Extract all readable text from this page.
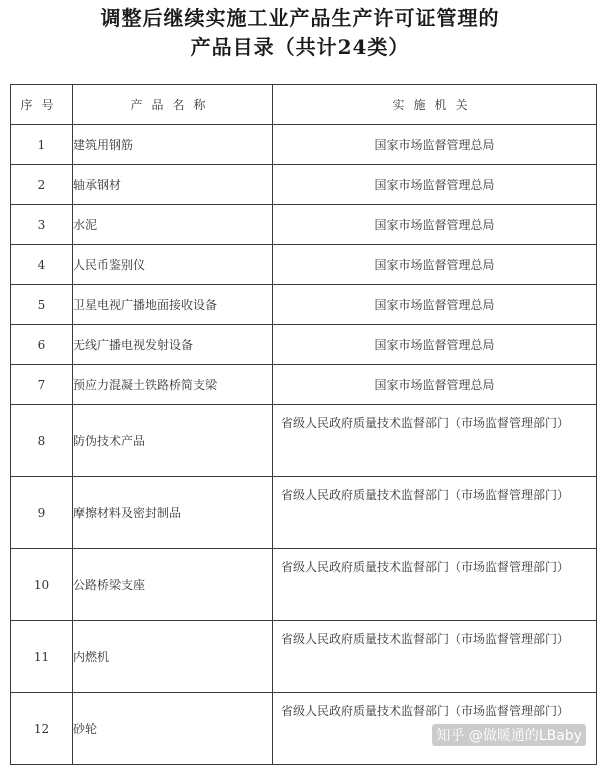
调整后继续实施工业产品生产许可证管理的
产品目录（共计24类）
序号	产品名称	实施机关
1	建筑用钢筋	国家市场监督管理总局
2	轴承钢材	国家市场监督管理总局
3	水泥	国家市场监督管理总局
4	人民币鉴别仪	国家市场监督管理总局
5	卫星电视广播地面接收设备	国家市场监督管理总局
6	无线广播电视发射设备	国家市场监督管理总局
7	预应力混凝土铁路桥简支梁	国家市场监督管理总局
8	防伪技术产品	省级人民政府质量技术监督部门（市场监督管理部门）
9	摩擦材料及密封制品	省级人民政府质量技术监督部门（市场监督管理部门）
10	公路桥梁支座	省级人民政府质量技术监督部门（市场监督管理部门）
11	内燃机	省级人民政府质量技术监督部门（市场监督管理部门）
12	砂轮	省级人民政府质量技术监督部门（市场监督管理部门）
知乎 @做暖通的LBaby
